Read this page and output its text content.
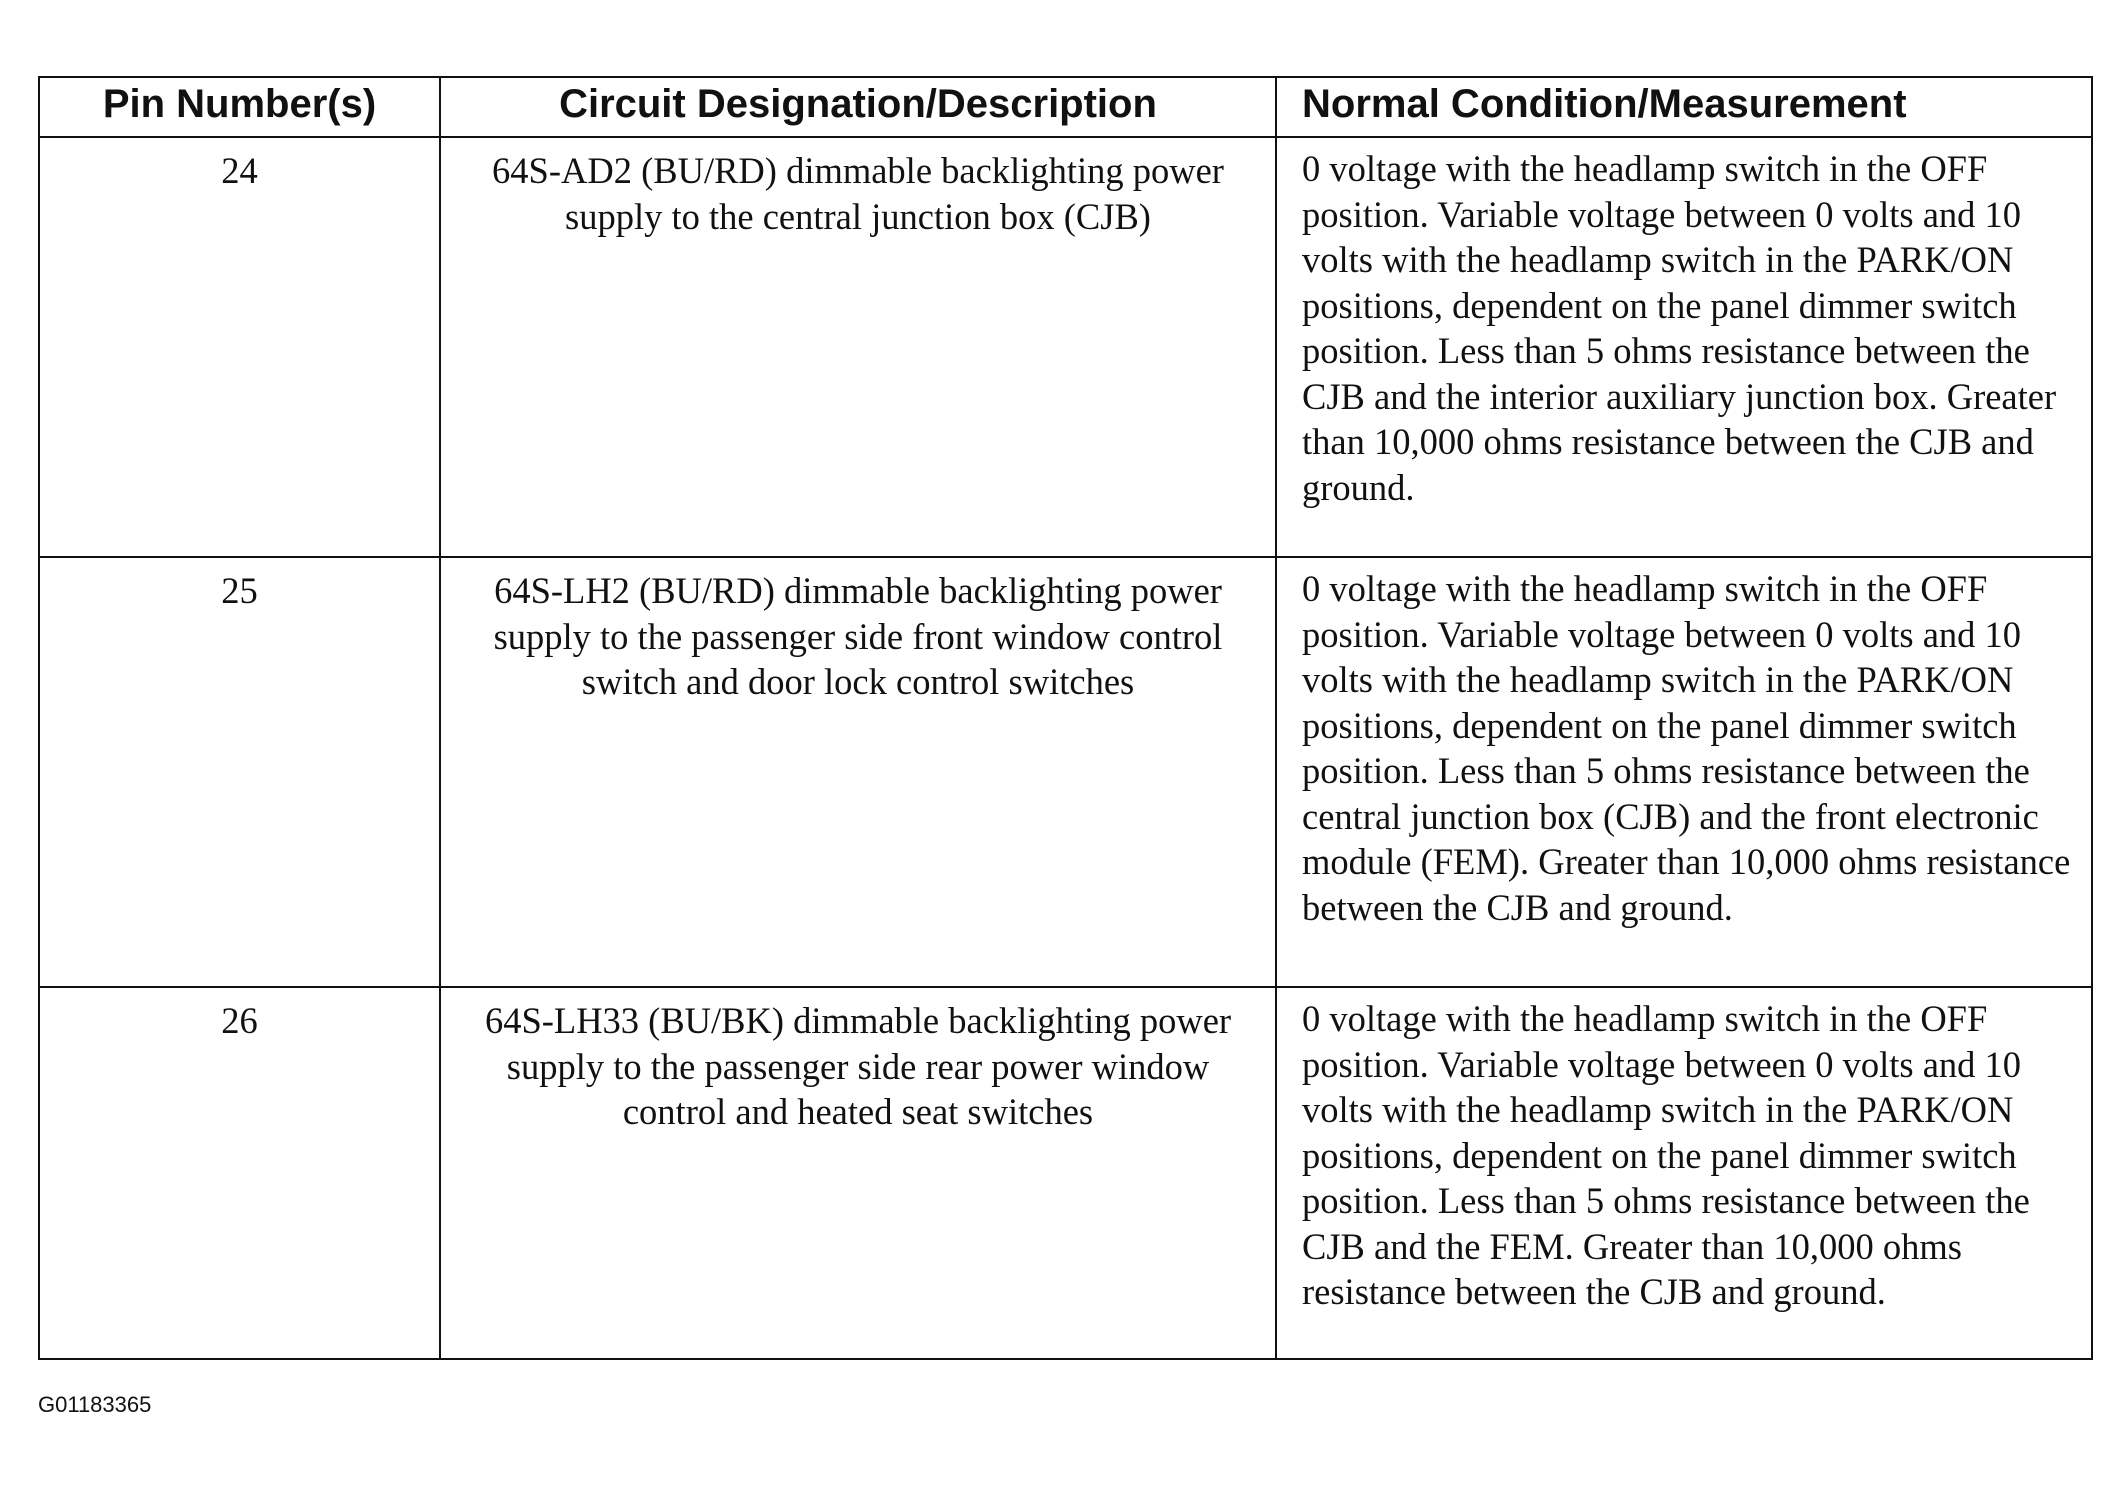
Pin Number(s)	Circuit Designation/Description	Normal Condition/Measurement
24	64S-AD2 (BU/RD) dimmable backlighting power supply to the central junction box (CJB)	0 voltage with the headlamp switch in the OFF position. Variable voltage between 0 volts and 10 volts with the headlamp switch in the PARK/ON positions, dependent on the panel dimmer switch position. Less than 5 ohms resistance between the CJB and the interior auxiliary junction box. Greater than 10,000 ohms resistance between the CJB and ground.
25	64S-LH2 (BU/RD) dimmable backlighting power supply to the passenger side front window control switch and door lock control switches	0 voltage with the headlamp switch in the OFF position. Variable voltage between 0 volts and 10 volts with the headlamp switch in the PARK/ON positions, dependent on the panel dimmer switch position. Less than 5 ohms resistance between the central junction box (CJB) and the front electronic module (FEM). Greater than 10,000 ohms resistance between the CJB and ground.
26	64S-LH33 (BU/BK) dimmable backlighting power supply to the passenger side rear power window control and heated seat switches	0 voltage with the headlamp switch in the OFF position. Variable voltage between 0 volts and 10 volts with the headlamp switch in the PARK/ON positions, dependent on the panel dimmer switch position. Less than 5 ohms resistance between the CJB and the FEM. Greater than 10,000 ohms resistance between the CJB and ground.
G01183365
